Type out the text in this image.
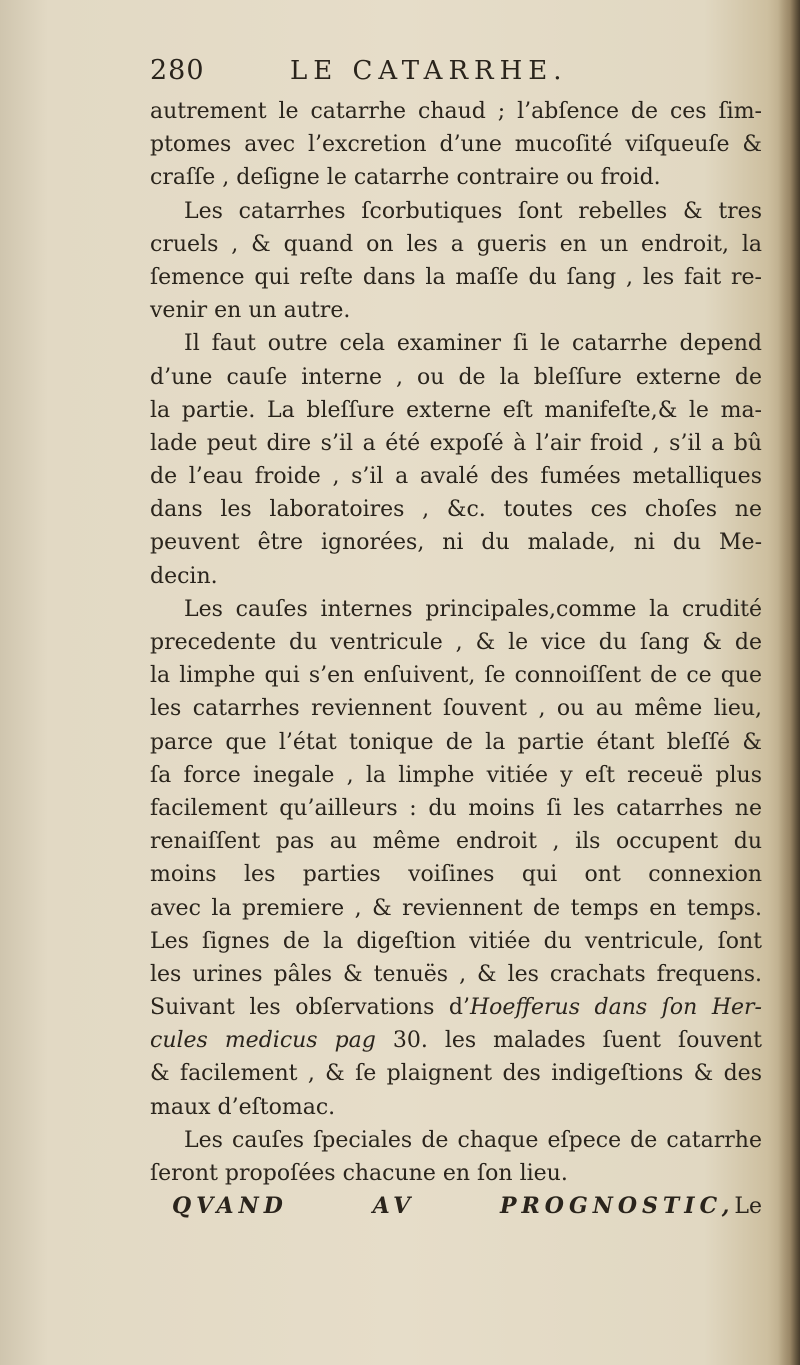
280	LE CATARRHE.
autrement le catarrhe chaud ; l’abſence de ces ſim-
ptomes avec l’excretion d’une mucoſité viſqueuſe &
craſſe , deſigne le catarrhe contraire ou froid.
Les catarrhes ſcorbutiques ſont rebelles & tres
cruels , & quand on les a gueris en un endroit, la
ſemence qui reſte dans la maſſe du ſang , les fait re-
venir en un autre.
Il faut outre cela examiner ſi le catarrhe depend
d’une cauſe interne , ou de la bleſſure externe de
la partie. La bleſſure externe eſt manifeſte,& le ma-
lade peut dire s’il a été expoſé à l’air froid , s’il a bû
de l’eau froide , s’il a avalé des fumées metalliques
dans les laboratoires , &c. toutes ces choſes ne
peuvent être ignorées, ni du malade, ni du Me-
decin.
Les cauſes internes principales,comme la crudité
precedente du ventricule , & le vice du ſang & de
la limphe qui s’en enſuivent, ſe connoiſſent de ce que
les catarrhes reviennent ſouvent , ou au même lieu,
parce que l’état tonique de la partie étant bleſſé &
ſa force inegale , la limphe vitiée y eſt receuë plus
facilement qu’ailleurs : du moins ſi les catarrhes ne
renaiſſent pas au même endroit , ils occupent du
moins les parties voiſines qui ont connexion
avec la premiere , & reviennent de temps en temps.
Les ſignes de la digeſtion vitiée du ventricule, ſont
les urines pâles & tenuës , & les crachats frequens.
Suivant les obſervations d’Hoefferus dans ſon Her-
cules medicus pag 30. les malades ſuent ſouvent
& facilement , & ſe plaignent des indigeſtions & des
maux d’eſtomac.
Les cauſes ſpeciales de chaque eſpece de catarrhe
ſeront propoſées chacune en ſon lieu.
QVAND AV PROGNOSTIC,Le
